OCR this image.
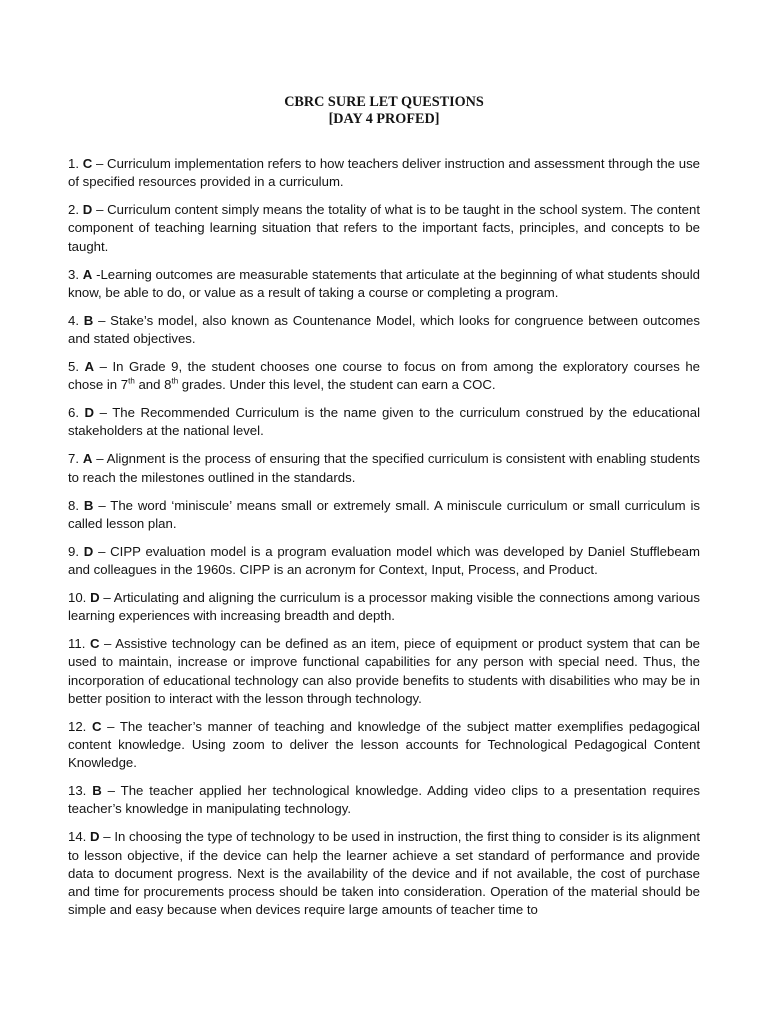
CBRC SURE LET QUESTIONS
[DAY 4 PROFED]

1. C – Curriculum implementation refers to how teachers deliver instruction and assessment through the use of specified resources provided in a curriculum.

2. D – Curriculum content simply means the totality of what is to be taught in the school system. The content component of teaching learning situation that refers to the important facts, principles, and concepts to be taught.

3. A -Learning outcomes are measurable statements that articulate at the beginning of what students should know, be able to do, or value as a result of taking a course or completing a program.

4. B – Stake’s model, also known as Countenance Model, which looks for congruence between outcomes and stated objectives.

5. A – In Grade 9, the student chooses one course to focus on from among the exploratory courses he chose in 7th and 8th grades. Under this level, the student can earn a COC.

6. D – The Recommended Curriculum is the name given to the curriculum construed by the educational stakeholders at the national level.

7. A – Alignment is the process of ensuring that the specified curriculum is consistent with enabling students to reach the milestones outlined in the standards.

8. B – The word ‘miniscule’ means small or extremely small. A miniscule curriculum or small curriculum is called lesson plan.

9. D – CIPP evaluation model is a program evaluation model which was developed by Daniel Stufflebeam and colleagues in the 1960s. CIPP is an acronym for Context, Input, Process, and Product.

10. D – Articulating and aligning the curriculum is a processor making visible the connections among various learning experiences with increasing breadth and depth.

11. C – Assistive technology can be defined as an item, piece of equipment or product system that can be used to maintain, increase or improve functional capabilities for any person with special need. Thus, the incorporation of educational technology can also provide benefits to students with disabilities who may be in better position to interact with the lesson through technology.

12. C – The teacher’s manner of teaching and knowledge of the subject matter exemplifies pedagogical content knowledge. Using zoom to deliver the lesson accounts for Technological Pedagogical Content Knowledge.

13. B – The teacher applied her technological knowledge. Adding video clips to a presentation requires teacher’s knowledge in manipulating technology.

14. D – In choosing the type of technology to be used in instruction, the first thing to consider is its alignment to lesson objective, if the device can help the learner achieve a set standard of performance and provide data to document progress. Next is the availability of the device and if not available, the cost of purchase and time for procurements process should be taken into consideration. Operation of the material should be simple and easy because when devices require large amounts of teacher time to
